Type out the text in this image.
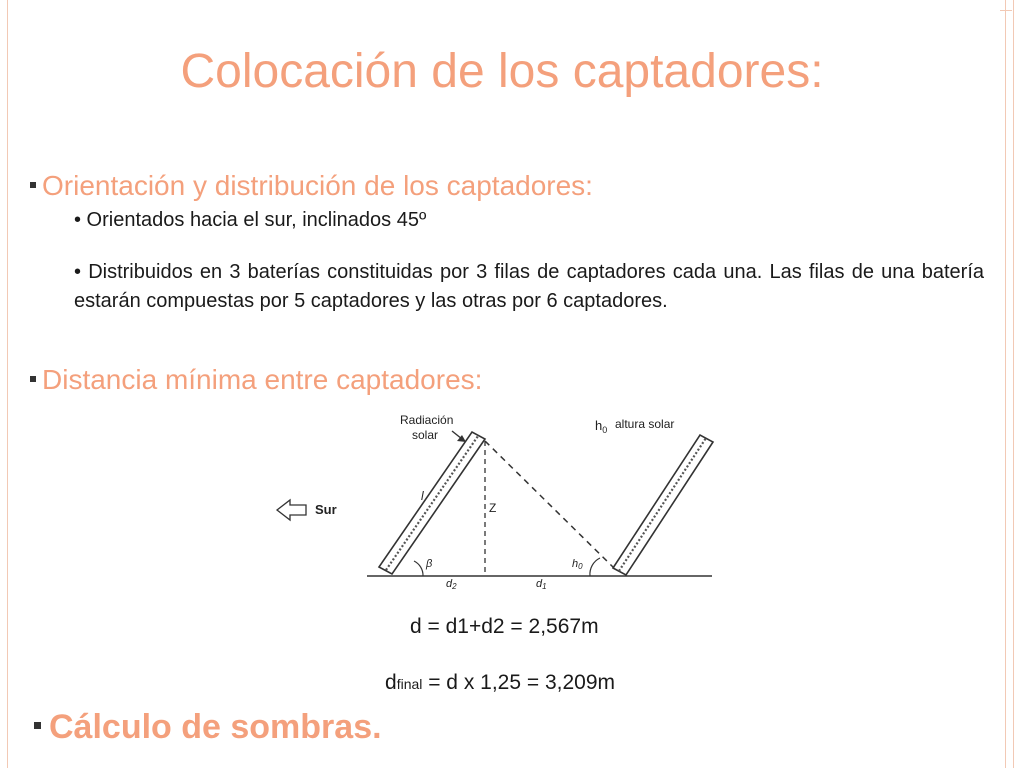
Colocación de los captadores:
Orientación y distribución de los captadores:
• Orientados hacia el sur, inclinados 45º
• Distribuidos en 3 baterías constituidas por 3 filas de captadores cada una. Las filas de una batería estarán compuestas por 5 captadores y las otras por 6 captadores.
Distancia mínima entre captadores:
Radiación
solar
$h_0$ altura solar
Sur
l
Z
β	h0
d2	d1
d = d1+d2 = 2,567m
dfinal = d x 1,25 = 3,209m
Cálculo de sombras.
